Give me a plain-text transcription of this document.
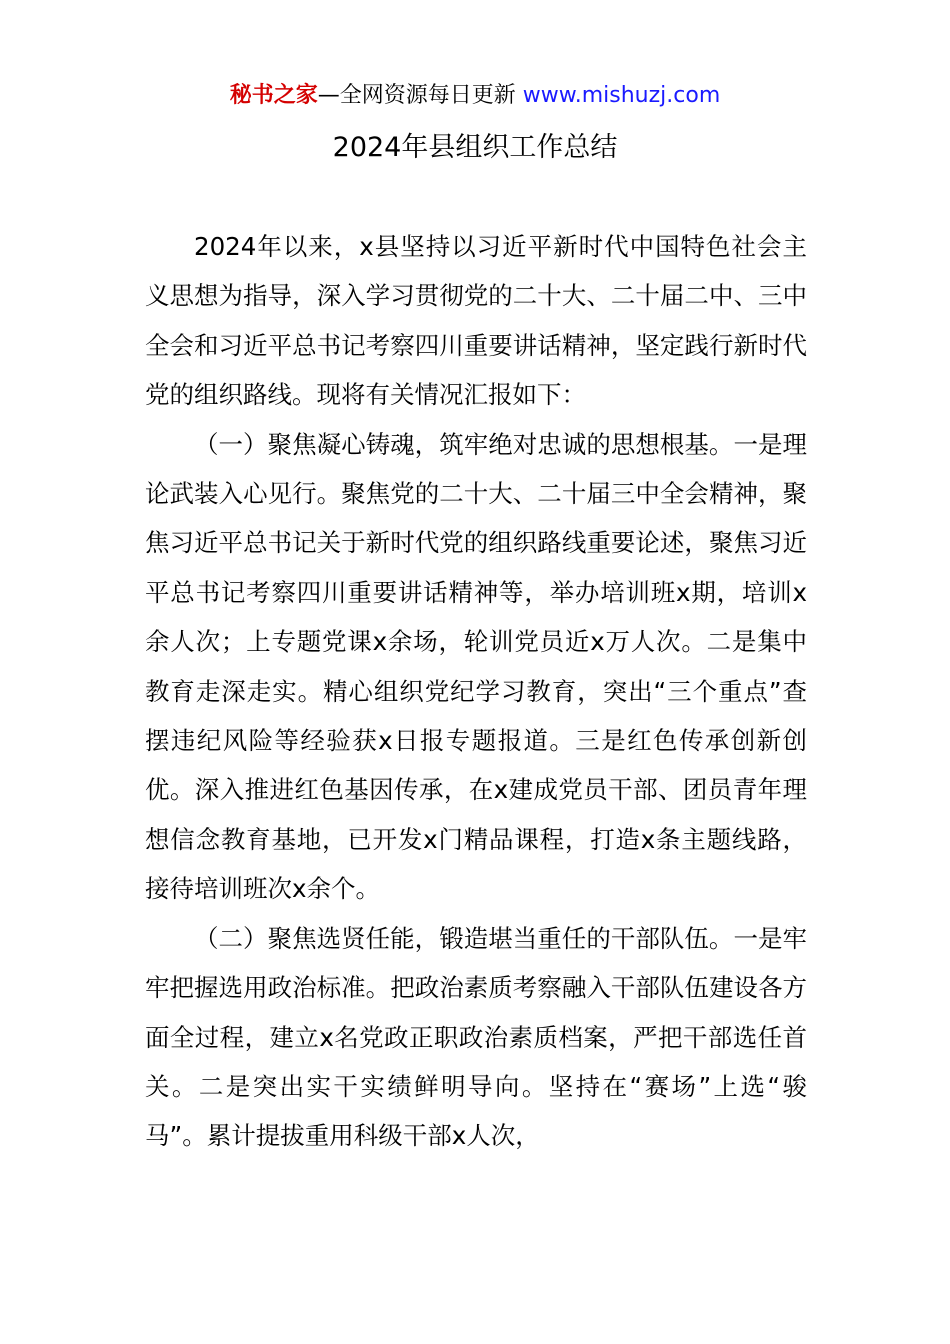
秘书之家—全网资源每日更新 www.mishuzj.com
2024年县组织工作总结

2024年以来，x县坚持以习近平新时代中国特色社会主义思想为指导，深入学习贯彻党的二十大、二十届二中、三中全会和习近平总书记考察四川重要讲话精神，坚定践行新时代党的组织路线。现将有关情况汇报如下：

（一）聚焦凝心铸魂，筑牢绝对忠诚的思想根基。一是理论武装入心见行。聚焦党的二十大、二十届三中全会精神，聚焦习近平总书记关于新时代党的组织路线重要论述，聚焦习近平总书记考察四川重要讲话精神等，举办培训班x期，培训x余人次；上专题党课x余场，轮训党员近x万人次。二是集中教育走深走实。精心组织党纪学习教育，突出“三个重点”查摆违纪风险等经验获x日报专题报道。三是红色传承创新创优。深入推进红色基因传承，在x建成党员干部、团员青年理想信念教育基地，已开发x门精品课程，打造x条主题线路，接待培训班次x余个。

（二）聚焦选贤任能，锻造堪当重任的干部队伍。一是牢牢把握选用政治标准。把政治素质考察融入干部队伍建设各方面全过程，建立x名党政正职政治素质档案，严把干部选任首关。二是突出实干实绩鲜明导向。坚持在“赛场”上选“骏马”。累计提拔重用科级干部x人次，
